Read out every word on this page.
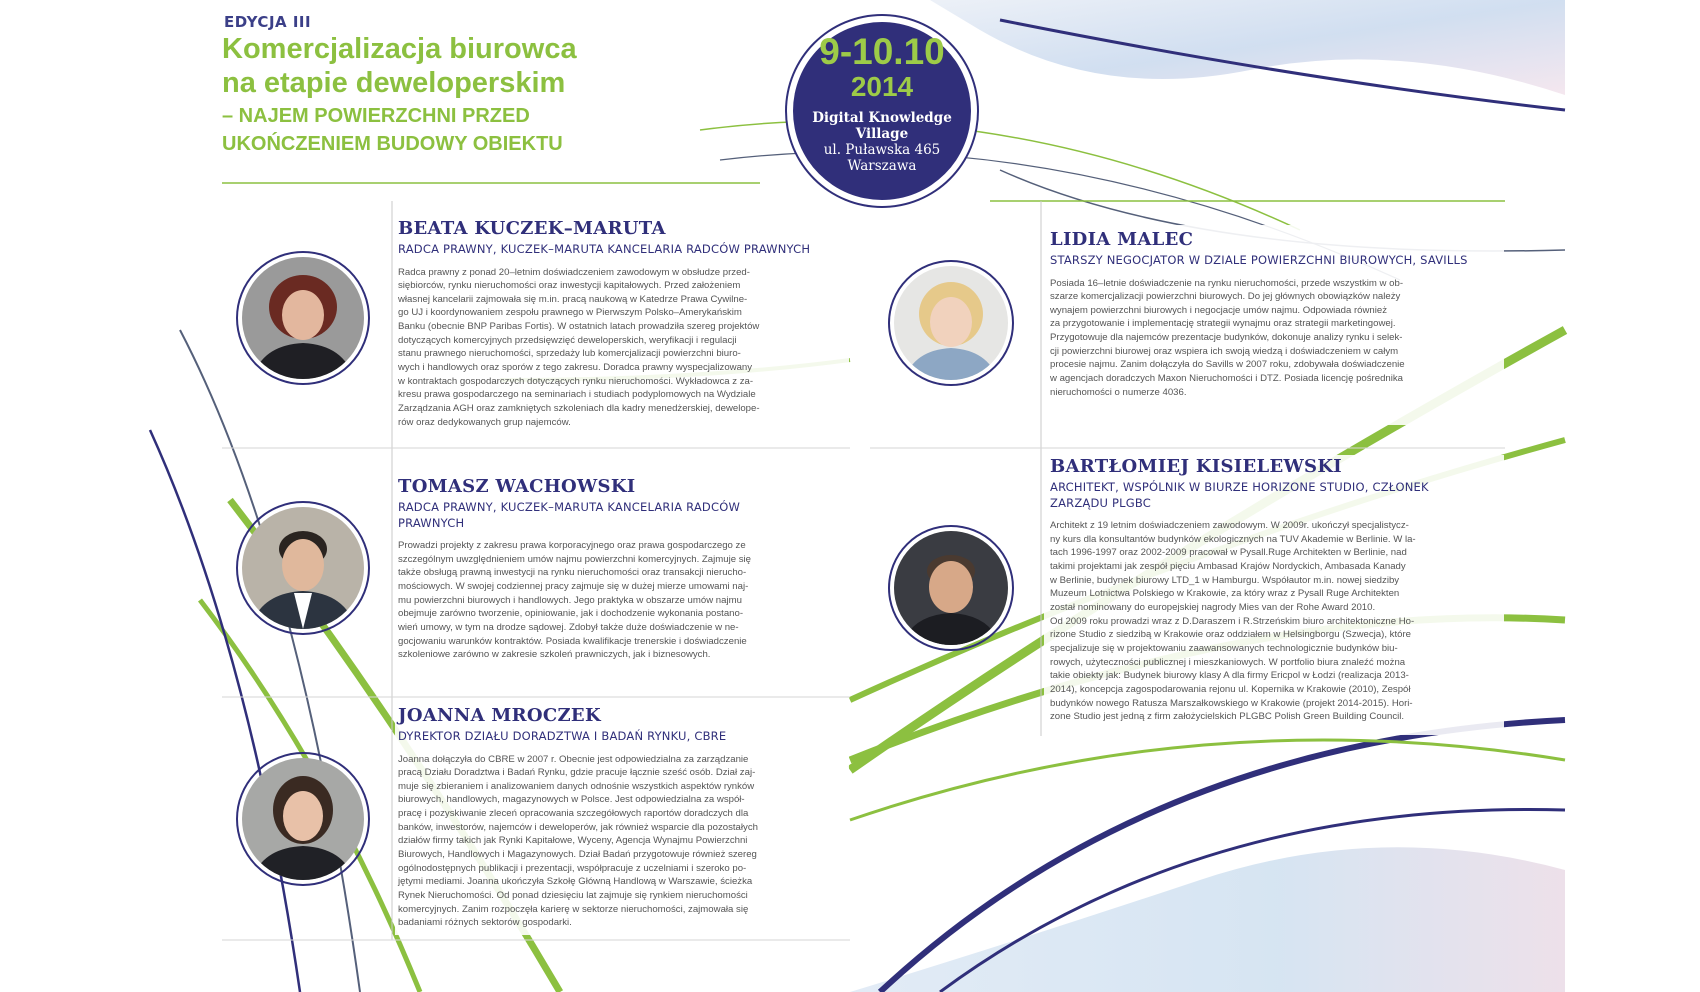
EDYCJA III

Komercjalizacja biurowca
na etapie deweloperskim
– NAJEM POWIERZCHNI PRZED
UKOŃCZENIEM BUDOWY OBIEKTU
9-10.10
2014
Digital Knowledge
Village
ul. Puławska 465
Warszawa
BEATA KUCZEK–MARUTA

RADCA PRAWNY, KUCZEK–MARUTA KANCELARIA RADCÓW PRAWNYCH

Radca prawny z ponad 20–letnim doświadczeniem zawodowym w obsłudze przed-
siębiorców, rynku nieruchomości oraz inwestycji kapitałowych. Przed założeniem
własnej kancelarii zajmowała się m.in. pracą naukową w Katedrze Prawa Cywilne-
go UJ i koordynowaniem zespołu prawnego w Pierwszym Polsko–Amerykańskim
Banku (obecnie BNP Paribas Fortis). W ostatnich latach prowadziła szereg projektów
dotyczących komercyjnych przedsięwzięć deweloperskich, weryfikacji i regulacji
stanu prawnego nieruchomości, sprzedaży lub komercjalizacji powierzchni biuro-
wych i handlowych oraz sporów z tego zakresu. Doradca prawny wyspecjalizowany
w kontraktach gospodarczych dotyczących rynku nieruchomości. Wykładowca z za-
kresu prawa gospodarczego na seminariach i studiach podyplomowych na Wydziale
Zarządzania AGH oraz zamkniętych szkoleniach dla kadry menedżerskiej, dewelope-
rów oraz dedykowanych grup najemców.

TOMASZ WACHOWSKI

RADCA PRAWNY, KUCZEK–MARUTA KANCELARIA RADCÓW PRAWNYCH

Prowadzi projekty z zakresu prawa korporacyjnego oraz prawa gospodarczego ze
szczególnym uwzględnieniem umów najmu powierzchni komercyjnych. Zajmuje się
także obsługą prawną inwestycji na rynku nieruchomości oraz transakcji nierucho-
mościowych. W swojej codziennej pracy zajmuje się w dużej mierze umowami naj-
mu powierzchni biurowych i handlowych. Jego praktyka w obszarze umów najmu
obejmuje zarówno tworzenie, opiniowanie, jak i dochodzenie wykonania postano-
wień umowy, w tym na drodze sądowej. Zdobył także duże doświadczenie w ne-
gocjowaniu warunków kontraktów. Posiada kwalifikacje trenerskie i doświadczenie
szkoleniowe zarówno w zakresie szkoleń prawniczych, jak i biznesowych.

JOANNA MROCZEK

DYREKTOR DZIAŁU DORADZTWA I BADAŃ RYNKU, CBRE

Joanna dołączyła do CBRE w 2007 r. Obecnie jest odpowiedzialna za zarządzanie
pracą Działu Doradztwa i Badań Rynku, gdzie pracuje łącznie sześć osób. Dział zaj-
muje się zbieraniem i analizowaniem danych odnośnie wszystkich aspektów rynków
biurowych, handlowych, magazynowych w Polsce. Jest odpowiedzialna za współ-
pracę i pozyskiwanie zleceń opracowania szczegółowych raportów doradczych dla
banków, inwestorów, najemców i deweloperów, jak również wsparcie dla pozostałych
działów firmy takich jak Rynki Kapitałowe, Wyceny, Agencja Wynajmu Powierzchni
Biurowych, Handlowych i Magazynowych. Dział Badań przygotowuje również szereg
ogólnodostępnych publikacji i prezentacji, współpracuje z uczelniami i szeroko po-
jętymi mediami. Joanna ukończyła Szkołę Główną Handlową w Warszawie, ścieżka
Rynek Nieruchomości. Od ponad dziesięciu lat zajmuje się rynkiem nieruchomości
komercyjnych. Zanim rozpoczęła karierę w sektorze nieruchomości, zajmowała się
badaniami różnych sektorów gospodarki.

LIDIA MALEC

STARSZY NEGOCJATOR W DZIALE POWIERZCHNI BIUROWYCH, SAVILLS

Posiada 16–letnie doświadczenie na rynku nieruchomości, przede wszystkim w ob-
szarze komercjalizacji powierzchni biurowych. Do jej głównych obowiązków należy
wynajem powierzchni biurowych i negocjacje umów najmu. Odpowiada również
za przygotowanie i implementację strategii wynajmu oraz strategii marketingowej.
Przygotowuje dla najemców prezentacje budynków, dokonuje analizy rynku i selek-
cji powierzchni biurowej oraz wspiera ich swoją wiedzą i doświadczeniem w całym
procesie najmu. Zanim dołączyła do Savills w 2007 roku, zdobywała doświadczenie
w agencjach doradczych Maxon Nieruchomości i DTZ. Posiada licencję pośrednika
nieruchomości o numerze 4036.

BARTŁOMIEJ KISIELEWSKI

ARCHITEKT, WSPÓLNIK W BIURZE HORIZONE STUDIO, CZŁONEK ZARZĄDU PLGBC

Architekt z 19 letnim doświadczeniem zawodowym. W 2009r. ukończył specjalistycz-
ny kurs dla konsultantów budynków ekologicznych na TUV Akademie w Berlinie. W la-
tach 1996-1997 oraz 2002-2009 pracował w Pysall.Ruge Architekten w Berlinie, nad
takimi projektami jak zespół pięciu Ambasad Krajów Nordyckich, Ambasada Kanady
w Berlinie, budynek biurowy LTD_1 w Hamburgu. Współautor m.in. nowej siedziby
Muzeum Lotnictwa Polskiego w Krakowie, za który wraz z Pysall Ruge Architekten
został nominowany do europejskiej nagrody Mies van der Rohe Award 2010.
Od 2009 roku prowadzi wraz z D.Daraszem i R.Strzeńskim biuro architektoniczne Ho-
rizone Studio z siedzibą w Krakowie oraz oddziałem w Helsingborgu (Szwecja), które
specjalizuje się w projektowaniu zaawansowanych technologicznie budynków biu-
rowych, użyteczności publicznej i mieszkaniowych. W portfolio biura znaleźć można
takie obiekty jak: Budynek biurowy klasy A dla firmy Ericpol w Łodzi (realizacja 2013-
2014), koncepcja zagospodarowania rejonu ul. Kopernika w Krakowie (2010), Zespół
budynków nowego Ratusza Marszałkowskiego w Krakowie (projekt 2014-2015). Hori-
zone Studio jest jedną z firm założycielskich PLGBC Polish Green Building Council.
